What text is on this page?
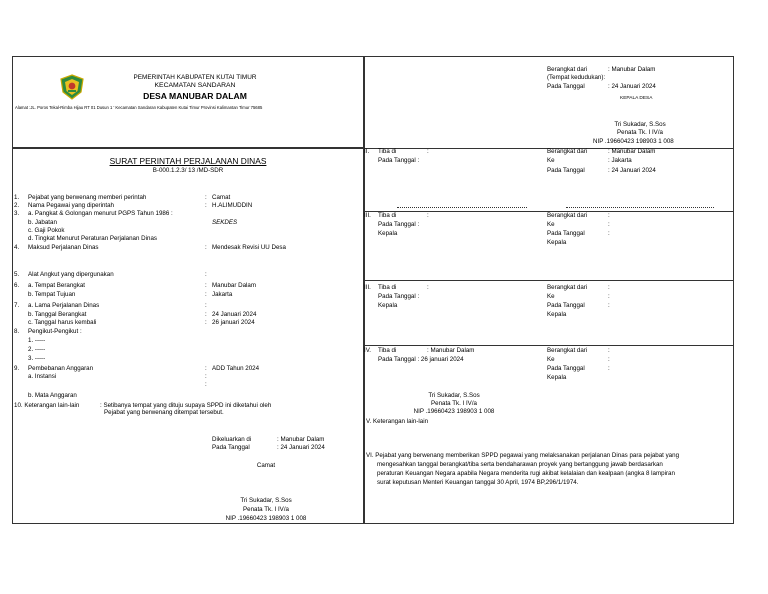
PEMERINTAH KABUPATEN KUTAI TIMUR
KECAMATAN SANDARAN
DESA MANUBAR DALAM
Alamat :JL. Poros Tekal-Rimba Hijau RT 01 Dusun 1 ' Kecamatan Sandaran Kabupaten Kutai Timur Provinsi Kalimantan Timur 75685
SURAT PERINTAH PERJALANAN DINAS
B-000.1.2.3/ 13 /MD-SDR
1. Pejabat yang berwenang memberi perintah	: Camat
2. Nama Pegawai yang diperintah	: H.ALIMUDDIN
3. a. Pangkat & Golongan menurut PGPS Tahun 1986 :
b. Jabatan	SEKDES
c. Gaji Pokok
d. Tingkat Menurut Peraturan Perjalanan Dinas
4. Maksud Perjalanan Dinas	: Mendesak Revisi UU Desa
5. Alat Angkut yang dipergunakan	:
6. a. Tempat Berangkat	: Manubar Dalam
b. Tempat Tujuan	: Jakarta
7. a. Lama Perjalanan Dinas	:
b. Tanggal Berangkat	: 24 Januari 2024
c. Tanggal harus kembali	: 26 januari 2024
8. Pengikut-Pengikut :
1. -----
2. -----
3. -----
9. Pembebanan Anggaran	: ADD Tahun 2024
a. Instansi	:
:
b. Mata Anggaran
10. Keterangan lain-lain	: Setibanya tempat yang dituju supaya SPPD ini diketahui oleh
Pejabat yang berwenang ditempat tersebut.
Dikeluarkan di	: Manubar Dalam
Pada Tanggal	: 24 Januari 2024
Camat
Tri Sukadar, S.Sos
Penata Tk. I IV/a
NIP .19660423 198903 1 008
Berangkat dari	: Manubar Dalam
(Tempat kedudukan):
Pada Tanggal	: 24 Januari 2024
KEPALA DESA
Tri Sukadar, S.Sos
Penata Tk. I IV/a
NIP .19660423 198903 1 008
II. Tiba di	:
Pada Tanggal :
Berangkat dari	: Manubar Dalam
Ke	: Jakarta
Pada Tanggal	: 24 Januari 2024
III. Tiba di	:
Pada Tanggal :
Kepala
Berangkat dari	:
Ke	:
Pada Tanggal	:
Kepala
III. Tiba di	:
Pada Tanggal :
Kepala
Berangkat dari	:
Ke	:
Pada Tanggal	:
Kepala
IV. Tiba di	: Manubar Dalam
Pada Tanggal : 26 januari 2024
Berangkat dari	:
Ke	:
Pada Tanggal	:
Kepala
Tri Sukadar, S.Sos
Penata Tk. I IV/a
NIP .19660423 198903 1 008
V. Keterangan lain-lain
VI. Pejabat yang berwenang memberikan SPPD pegawai yang melaksanakan perjalanan Dinas para pejabat yang
mengesahkan tanggal berangkat/tiba serta bendaharawan proyek yang bertanggung jawab berdasarkan
peraturan Keuangan Negara apabila Negara menderita rugi akibat kelalaian dan kealpaan (angka 8 lampiran
surat keputusan Menteri Keuangan tanggal 30 April, 1974 BP,296/1/1974.
